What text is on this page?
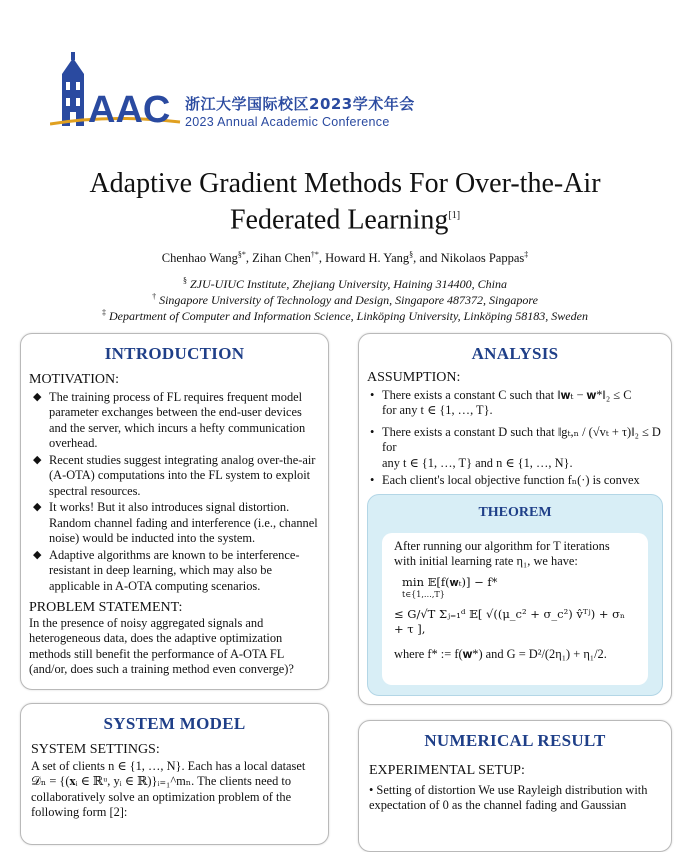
AAC 浙江大学国际校区2023学术年会
2023 Annual Academic Conference
Adaptive Gradient Methods For Over-the-Air
Federated Learning[1]
Chenhao Wang§*, Zihan Chen†*, Howard H. Yang§, and Nikolaos Pappas‡
§ ZJU-UIUC Institute, Zhejiang University, Haining 314400, China
† Singapore University of Technology and Design, Singapore 487372, Singapore
‡ Department of Computer and Information Science, Linköping University, Linköping 58183, Sweden
INTRODUCTION
MOTIVATION:
◆ The training process of FL requires frequent model parameter exchanges between the end-user devices and the server, which incurs a hefty communication overhead.
◆ Recent studies suggest integrating analog over-the-air (A-OTA) computations into the FL system to exploit spectral resources.
◆ It works! But it also introduces signal distortion. Random channel fading and interference (i.e., channel noise) would be inducted into the system.
◆ Adaptive algorithms are known to be interference-resistant in deep learning, which may also be applicable in A-OTA computing scenarios.
PROBLEM STATEMENT:
In the presence of noisy aggregated signals and heterogeneous data, does the adaptive optimization methods still benefit the performance of A-OTA FL (and/or, does such a training method even converge)?
SYSTEM MODEL
SYSTEM SETTINGS:
A set of clients n ∈ {1, …, N}. Each has a local dataset
𝒟ₙ = {(𝐱ᵢ ∈ ℝᵘ, yᵢ ∈ ℝ)}ᵢ₌₁^mₙ. The clients need to
collaboratively solve an optimization problem of the
following form [2]:
ANALYSIS
ASSUMPTION:
• There exists a constant C such that ‖𝐰ₜ − 𝐰*‖₂ ≤ C
for any t ∈ {1, …, T}.
• There exists a constant D such that ‖gₜ,ₙ / (√vₜ + τ)‖₂ ≤ D for
any t ∈ {1, …, T} and n ∈ {1, …, N}.
• Each client's local objective function fₙ(·) is convex
THEOREM
After running our algorithm for T iterations
with initial learning rate η₁, we have:
min 𝔼[f(𝐰ₜ)] − f*
t∈{1,…,T}
≤ G/√T Σⱼ₌₁ᵈ 𝔼[ √((μ_c² + σ_c²) v̂ᵀʲ) + σₙ + τ ],
where f* := f(𝐰*) and G = D²/(2η₁) + η₁/2.
NUMERICAL RESULT
EXPERIMENTAL SETUP:
• Setting of distortion We use Rayleigh distribution with
expectation of 0 as the channel fading and Gaussian
